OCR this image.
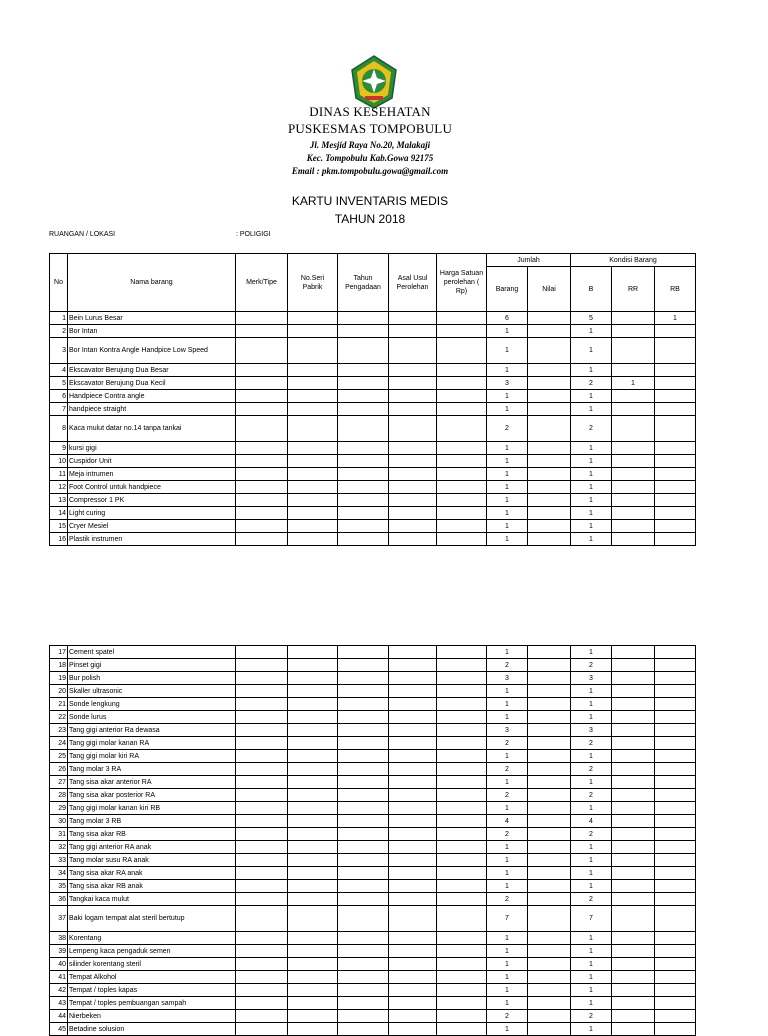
DINAS KESEHATAN
PUSKESMAS TOMPOBULU
Jl. Mesjid Raya No.20, Malakaji
Kec. Tompobulu Kab.Gowa 92175
Email : pkm.tompobulu.gowa@gmail.com
KARTU INVENTARIS MEDIS
TAHUN 2018
RUANGAN / LOKASI	: POLIGIGI
No	Nama barang	Merk/Tipe	No.Seri Pabrik	Tahun Pengadaan	Asal Usul Perolehan	Harga Satuan perolehan ( Rp)	Jumlah		Kondisi Barang		
							Barang	Nilai	B	RR	RB
1	Bein Lurus Besar						6		5		1
2	Bor Intan						1		1		
3	Bor Intan Kontra Angle Handpice Low Speed						1		1		
4	Ekscavator Berujung Dua Besar						1		1		
5	Ekscavator Berujung Dua Kecil						3		2	1	
6	Handpiece Contra angle						1		1		
7	handpiece straight						1		1		
8	Kaca mulut datar no.14 tanpa tankai						2		2		
9	kursi gigi						1		1		
10	Cuspidor Unit						1		1		
11	Meja intrumen						1		1		
12	Foot Control untuk handpiece						1		1		
13	Compressor 1 PK						1		1		
14	Light curing						1		1		
15	Cryer Mesiel						1		1		
16	Plastik instrumen						1		1		
17	Cement spatel						1		1		
18	Pinset gigi						2		2		
19	Bur polish						3		3		
20	Skaller ultrasonic						1		1		
21	Sonde lengkung						1		1		
22	Sonde lurus						1		1		
23	Tang gigi anterior Ra dewasa						3		3		
24	Tang gigi molar kanan RA						2		2		
25	Tang gigi molar kiri RA						1		1		
26	Tang molar 3 RA						2		2		
27	Tang sisa akar anterior RA						1		1		
28	Tang sisa akar posterior RA						2		2		
29	Tang gigi molar kanan kiri RB						1		1		
30	Tang molar 3 RB						4		4		
31	Tang sisa akar RB						2		2		
32	Tang gigi anterior RA anak						1		1		
33	Tang molar susu RA anak						1		1		
34	Tang sisa akar RA anak						1		1		
35	Tang sisa akar RB anak						1		1		
36	Tangkai kaca mulut						2		2		
37	Baki logam tempat alat steril bertutup						7		7		
38	Korentang						1		1		
39	Lempeng kaca pengaduk semen						1		1		
40	silinder korentang steril						1		1		
41	Tempat Alkohol						1		1		
42	Tempat / toples kapas						1		1		
43	Tempat / toples pembuangan sampah						1		1		
44	Nierbeken						2		2		
45	Betadine solusion						1		1		
